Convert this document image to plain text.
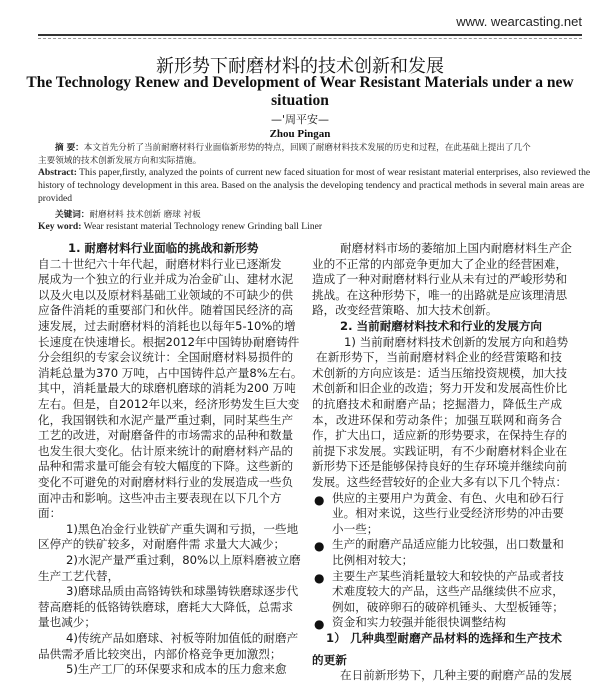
www. wearcasting.net
新形势下耐磨材料的技术创新和发展
The Technology Renew and Development of Wear Resistant Materials under a new
situation
—'周平安—
Zhou Pingan
摘 要：本文首先分析了当前耐磨材料行业面临新形势的特点，回顾了耐磨材料技术发展的历史和过程，在此基础上提出了几个
主要领域的技术创新发展方向和实际措施。
Abstract: This paper,firstly, analyzed the points of current new faced situation for most of wear resistant material enterprises, also reviewed the
history of technology development in this area. Based on the analysis the developing tendency and practical methods in several main areas are
provided
关键词：耐磨材料 技术创新 磨球 衬板
Key word: Wear resistant material Technology renew Grinding ball Liner
1. 耐磨材料行业面临的挑战和新形势
自二十世纪六十年代起，耐磨材料行业已逐渐发
展成为一个独立的行业并成为冶金矿山、建材水泥
以及火电以及原材料基础工业领域的不可缺少的供
应备件消耗的重要部门和伙伴。随着国民经济的高
速发展，过去耐磨材料的消耗也以每年5-10%的增
长速度在快速增长。根据2012年中国铸协耐磨铸件
分会组织的专家会议统计：全国耐磨材料易损件的
消耗总量为370 万吨，占中国铸件总产量8%左右。
其中，消耗量最大的球磨机磨球的消耗为200 万吨
左右。但是，自2012年以来，经济形势发生巨大变
化，我国钢铁和水泥产量严重过剩，同时某些生产
工艺的改进，对耐磨备件的市场需求的品种和数量
也发生很大变化。估计原来统计的耐磨材料产品的
品种和需求量可能会有较大幅度的下降。这些新的
变化不可避免的对耐磨材料行业的发展造成一些负
面冲击和影响。这些冲击主要表现在以下几个方
面：
1)黑色冶金行业铁矿产重失调和亏损，一些地
区停产的铁矿较多，对耐磨件需 求量大大减少；
2)水泥产量严重过剩，80%以上原料磨被立磨
生产工艺代替，
3)磨球品质由高铬铸铁和球墨铸铁磨球逐步代
替高磨耗的低铬铸铁磨球，磨耗大大降低，总需求
量也减少；
4)传统产品如磨球、衬板等附加值低的耐磨产
品供需矛盾比较突出，内部价格竞争更加激烈；
5)生产工厂的环保要求和成本的压力愈来愈
耐磨材料市场的萎缩加上国内耐磨材料生产企
业的不正常的内部竞争更加大了企业的经营困难，
造成了一种对耐磨材料行业从未有过的严峻形势和
挑战。在这种形势下，唯一的出路就是应该理清思
路，改变经营策略、加大技术创新。
2. 当前耐磨材料技术和行业的发展方向
1) 当前耐磨材料技术创新的发展方向和趋势
在新形势下，当前耐磨材料企业的经营策略和技
术创新的方向应该是：适当压缩投资规模，加大技
术创新和旧企业的改造；努力开发和发展高性价比
的抗磨技术和耐磨产品；挖掘潜力，降低生产成
本，改进环保和劳动条件；加强互联网和商务合
作，扩大出口，适应新的形势要求，在保持生存的
前提下求发展。实践证明，有不少耐磨材料企业在
新形势下还是能够保持良好的生存环境并继续向前
发展。这些经营较好的企业大多有以下几个特点：
供应的主要用户为黄金、有色、火电和砂石行
●
业。相对来说，这些行业受经济形势的冲击要
小一些；
生产的耐磨产品适应能力比较强，出口数量和
●
比例相对较大；
主要生产某些消耗量较大和较快的产品或者技
●
术难度较大的产品，这些产品继续供不应求，
例如，破碎卵石的破碎机锤头、大型板锤等；
资金和实力较强并能很快调整结构
●
1） 几种典型耐磨产品材料的选择和生产技术
的更新
在日前新形势下，几种主要的耐磨产品的发展
